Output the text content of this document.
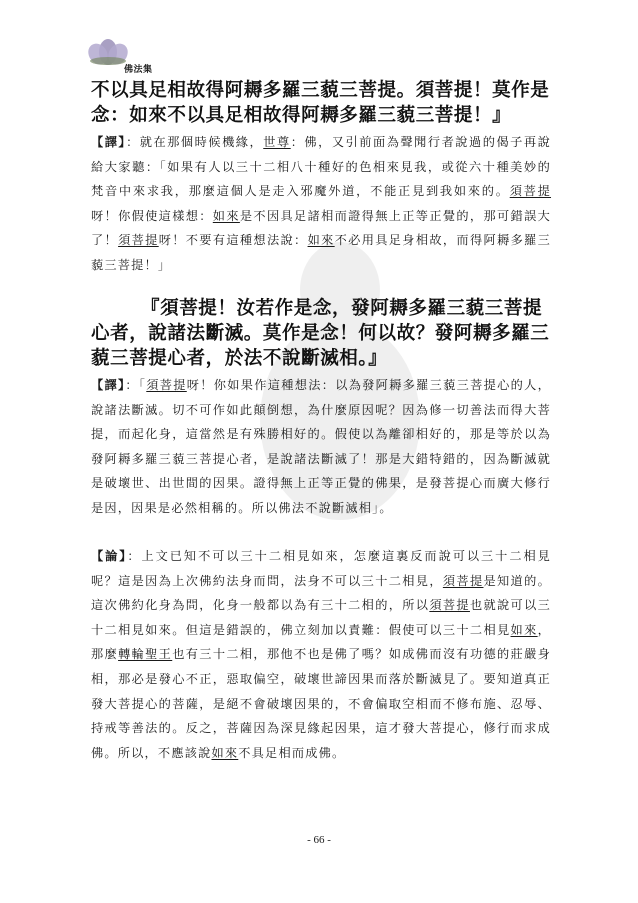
佛法集

不以具足相故得阿耨多羅三藐三菩提。須菩提！莫作是念：如來不以具足相故得阿耨多羅三藐三菩提！』

【譯】：就在那個時候機緣，世尊：佛，又引前面為聲聞行者說過的偈子再說給大家聽：「如果有人以三十二相八十種好的色相來見我，或從六十種美妙的梵音中來求我，那麼這個人是走入邪魔外道，不能正見到我如來的。須菩提呀！你假使這樣想：如來是不因具足諸相而證得無上正等正覺的，那可錯誤大了！須菩提呀！不要有這種想法說：如來不必用具足身相故，而得阿耨多羅三藐三菩提！」

『須菩提！汝若作是念，發阿耨多羅三藐三菩提心者，說諸法斷滅。莫作是念！何以故？發阿耨多羅三藐三菩提心者，於法不說斷滅相。』

【譯】：「須菩提呀！你如果作這種想法：以為發阿耨多羅三藐三菩提心的人，說諸法斷滅。切不可作如此顛倒想，為什麼原因呢？因為修一切善法而得大菩提，而起化身，這當然是有殊勝相好的。假使以為離卻相好的，那是等於以為發阿耨多羅三藐三菩提心者，是說諸法斷滅了！那是大錯特錯的，因為斷滅就是破壞世、出世間的因果。證得無上正等正覺的佛果，是發菩提心而廣大修行是因，因果是必然相稱的。所以佛法不說斷滅相」。

【論】：上文已知不可以三十二相見如來，怎麼這裏反而說可以三十二相見呢？這是因為上次佛約法身而問，法身不可以三十二相見，須菩提是知道的。這次佛約化身為問，化身一般都以為有三十二相的，所以須菩提也就說可以三十二相見如來。但這是錯誤的，佛立刻加以責難：假使可以三十二相見如來，那麼轉輪聖王也有三十二相，那他不也是佛了嗎？如成佛而沒有功德的莊嚴身相，那必是發心不正，惡取偏空，破壞世諦因果而落於斷滅見了。要知道真正發大菩提心的菩薩，是絕不會破壞因果的，不會偏取空相而不修布施、忍辱、持戒等善法的。反之，菩薩因為深見緣起因果，這才發大菩提心，修行而求成佛。所以，不應該說如來不具足相而成佛。

- 66 -
